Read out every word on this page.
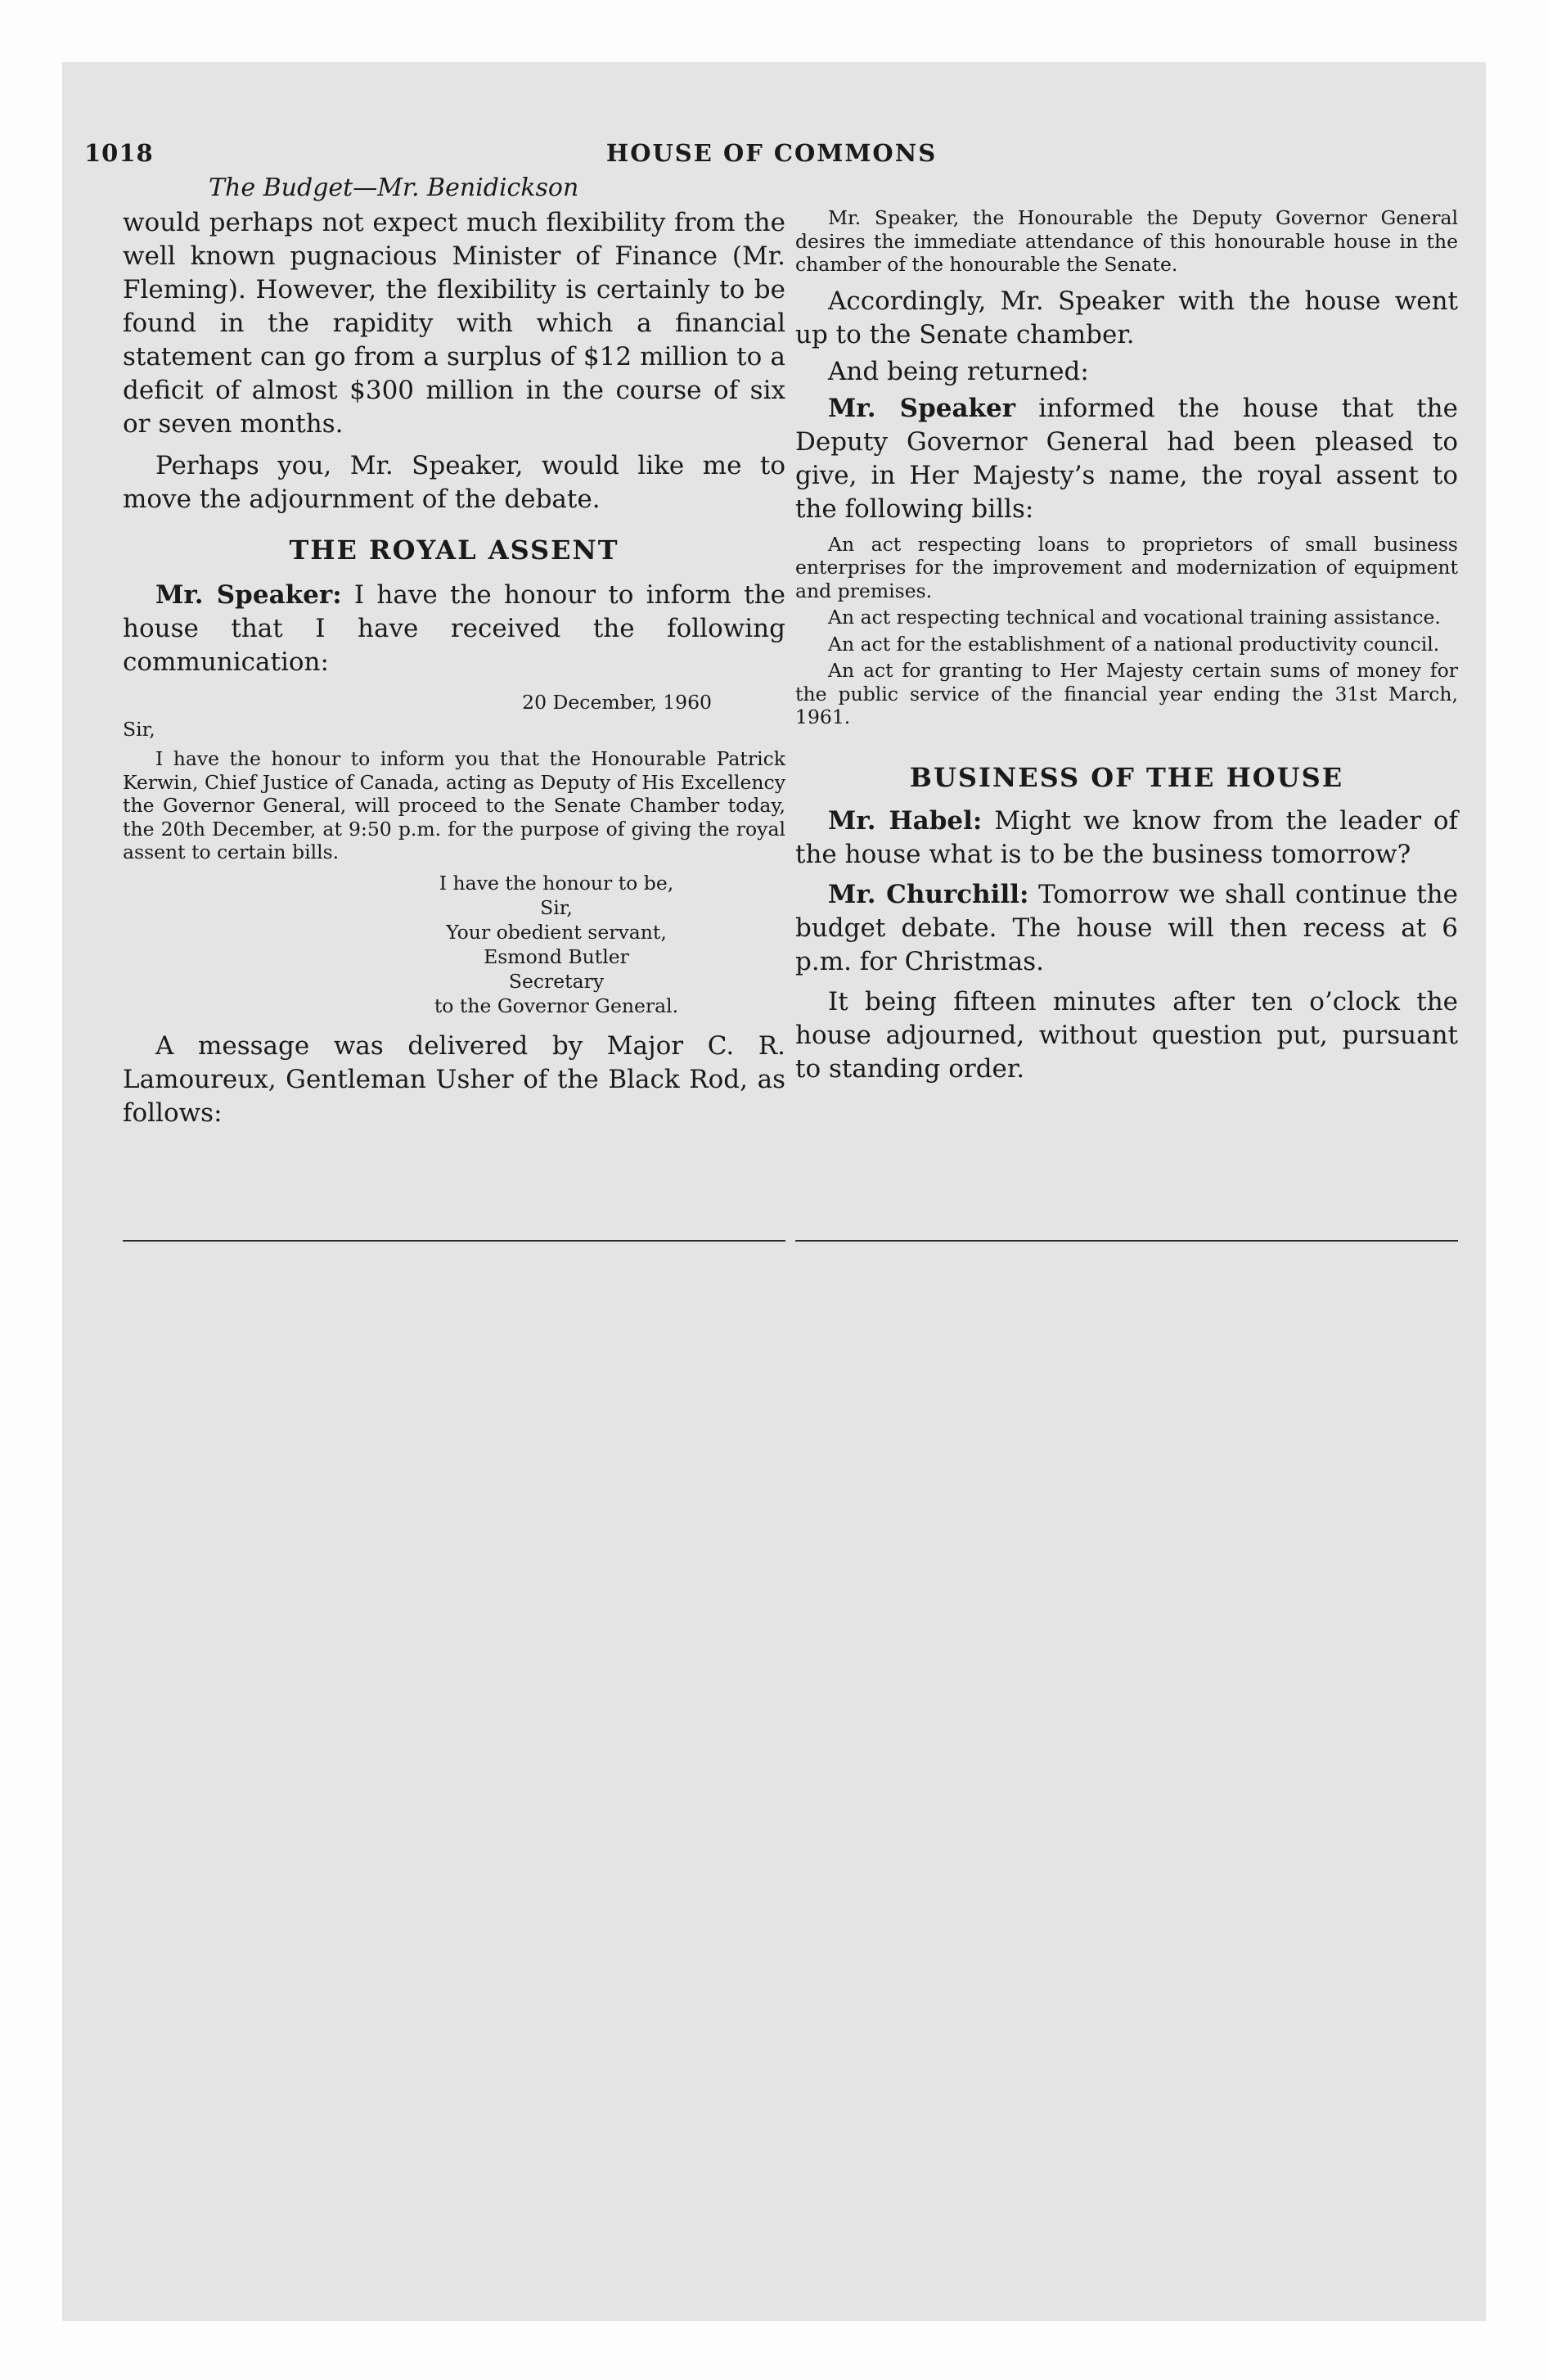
1018	HOUSE OF COMMONS
The Budget—Mr. Benidickson

would perhaps not expect much flexibility from the well known pugnacious Minister of Finance (Mr. Fleming). However, the flexibility is certainly to be found in the rapidity with which a financial statement can go from a surplus of $12 million to a deficit of almost $300 million in the course of six or seven months.

Perhaps you, Mr. Speaker, would like me to move the adjournment of the debate.

THE ROYAL ASSENT

Mr. Speaker: I have the honour to inform the house that I have received the following communication:

20 December, 1960

Sir,

I have the honour to inform you that the Honourable Patrick Kerwin, Chief Justice of Canada, acting as Deputy of His Excellency the Governor General, will proceed to the Senate Chamber today, the 20th December, at 9:50 p.m. for the purpose of giving the royal assent to certain bills.

I have the honour to be,

Sir,

Your obedient servant,

Esmond Butler

Secretary

to the Governor General.

A message was delivered by Major C. R. Lamoureux, Gentleman Usher of the Black Rod, as follows:

Mr. Speaker, the Honourable the Deputy Governor General desires the immediate attendance of this honourable house in the chamber of the honourable the Senate.

Accordingly, Mr. Speaker with the house went up to the Senate chamber.

And being returned:

Mr. Speaker informed the house that the Deputy Governor General had been pleased to give, in Her Majesty’s name, the royal assent to the following bills:

An act respecting loans to proprietors of small business enterprises for the improvement and modernization of equipment and premises.

An act respecting technical and vocational training assistance.

An act for the establishment of a national productivity council.

An act for granting to Her Majesty certain sums of money for the public service of the financial year ending the 31st March, 1961.

BUSINESS OF THE HOUSE

Mr. Habel: Might we know from the leader of the house what is to be the business tomorrow?

Mr. Churchill: Tomorrow we shall continue the budget debate. The house will then recess at 6 p.m. for Christmas.

It being fifteen minutes after ten o’clock the house adjourned, without question put, pursuant to standing order.
